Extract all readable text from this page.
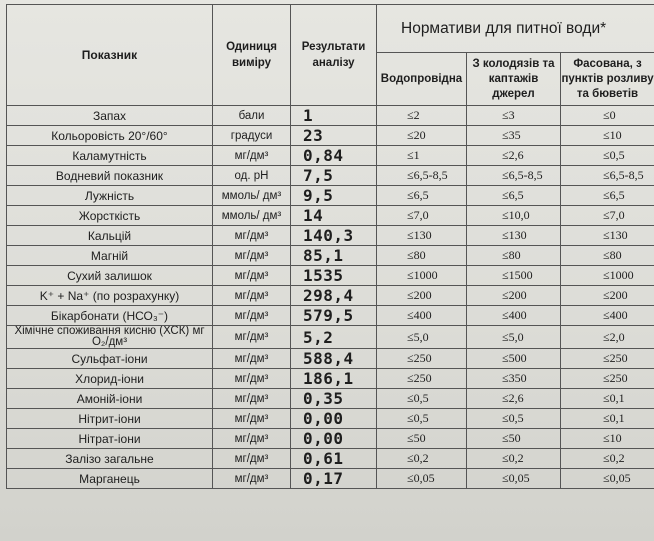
Показник	Одиниця виміру	Результати аналізу	Нормативи для питної води*		
			Водопровідна	З колодязів та каптажів джерел	Фасована, з пунктів розливу та бюветів
Запах	бали	1	≤2	≤3	≤0
Кольоровість 20°/60°	градуси	23	≤20	≤35	≤10
Каламутність	мг/дм³	0,84	≤1	≤2,6	≤0,5
Водневий показник	од. рН	7,5	≤6,5-8,5	≤6,5-8,5	≤6,5-8,5
Лужність	ммоль/ дм³	9,5	≤6,5	≤6,5	≤6,5
Жорсткість	ммоль/ дм³	14	≤7,0	≤10,0	≤7,0
Кальцій	мг/дм³	140,3	≤130	≤130	≤130
Магній	мг/дм³	85,1	≤80	≤80	≤80
Сухий залишок	мг/дм³	1535	≤1000	≤1500	≤1000
K⁺ + Na⁺ (по розрахунку)	мг/дм³	298,4	≤200	≤200	≤200
Бікарбонати (НСО₃⁻)	мг/дм³	579,5	≤400	≤400	≤400
Хімічне споживання кисню (ХСК) мг O₂/дм³	мг/дм³	5,2	≤5,0	≤5,0	≤2,0
Сульфат-іони	мг/дм³	588,4	≤250	≤500	≤250
Хлорид-іони	мг/дм³	186,1	≤250	≤350	≤250
Амоній-іони	мг/дм³	0,35	≤0,5	≤2,6	≤0,1
Нітрит-іони	мг/дм³	0,00	≤0,5	≤0,5	≤0,1
Нітрат-іони	мг/дм³	0,00	≤50	≤50	≤10
Залізо загальне	мг/дм³	0,61	≤0,2	≤0,2	≤0,2
Марганець	мг/дм³	0,17	≤0,05	≤0,05	≤0,05
